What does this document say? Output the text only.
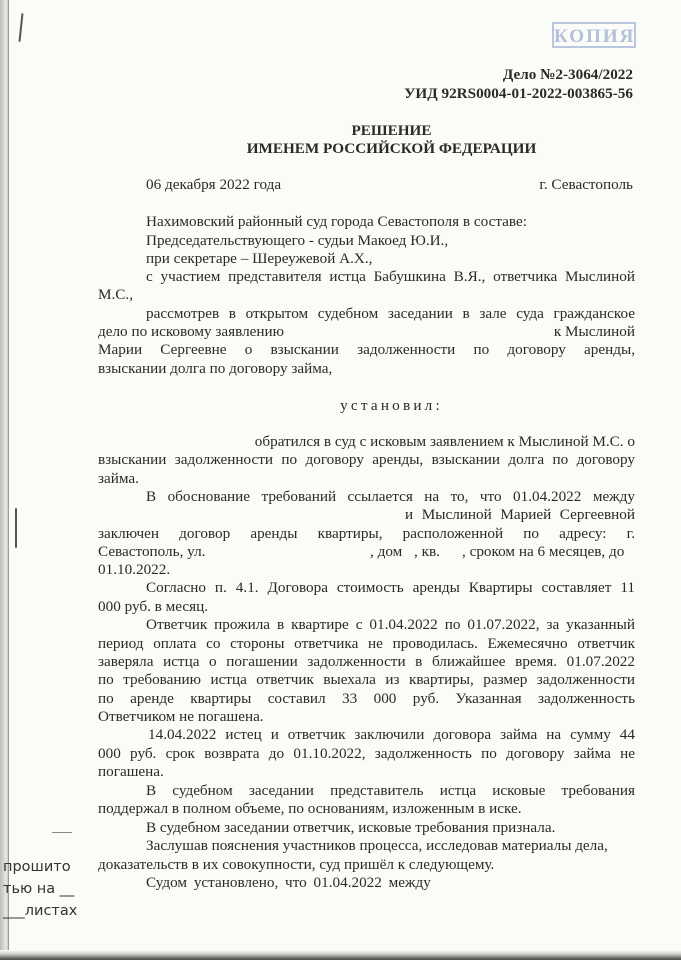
КОПИЯ
Дело №2-3064/2022
УИД 92RS0004-01-2022-003865-56
РЕШЕНИЕ
ИМЕНЕМ РОССИЙСКОЙ ФЕДЕРАЦИИ
06 декабря 2022 года	г. Севастополь
Нахимовский районный суд города Севастополя в составе:
Председательствующего - судьи Макоед Ю.И.,
при секретаре – Шереужевой А.Х.,
с участием представителя истца Бабушкина В.Я., ответчика Мыслиной
М.С.,
рассмотрев в открытом судебном заседании в зале суда гражданское
дело по исковому заявлению	к Мыслиной
Марии Сергеевне о взыскании задолженности по договору аренды,
взыскании долга по договору займа,
установил:
обратился в суд с исковым заявлением к Мыслиной М.С. о
взыскании задолженности по договору аренды, взыскании долга по договору
займа.
В обоснование требований ссылается на то, что 01.04.2022 между
и Мыслиной Марией Сергеевной
заключен договор аренды квартиры, расположенной по адресу: г.
Севастополь, ул.	, дом , кв. , сроком на 6 месяцев, до
01.10.2022.
Согласно п. 4.1. Договора стоимость аренды Квартиры составляет 11
000 руб. в месяц.
Ответчик прожила в квартире с 01.04.2022 по 01.07.2022, за указанный
период оплата со стороны ответчика не проводилась. Ежемесячно ответчик
заверяла истца о погашении задолженности в ближайшее время. 01.07.2022
по требованию истца ответчик выехала из квартиры, размер задолженности
по аренде квартиры составил 33 000 руб. Указанная задолженность
Ответчиком не погашена.
14.04.2022 истец и ответчик заключили договора займа на сумму 44
000 руб. срок возврата до 01.10.2022, задолженность по договору займа не
погашена.
В судебном заседании представитель истца исковые требования
поддержал в полном объеме, по основаниям, изложенным в иске.
В судебном заседании ответчик, исковые требования признала.
Заслушав пояснения участников процесса, исследовав материалы дела,
доказательств в их совокупности, суд пришёл к следующему.
Судом установлено, что 01.04.2022 между
прошито
тью на __
___листах
